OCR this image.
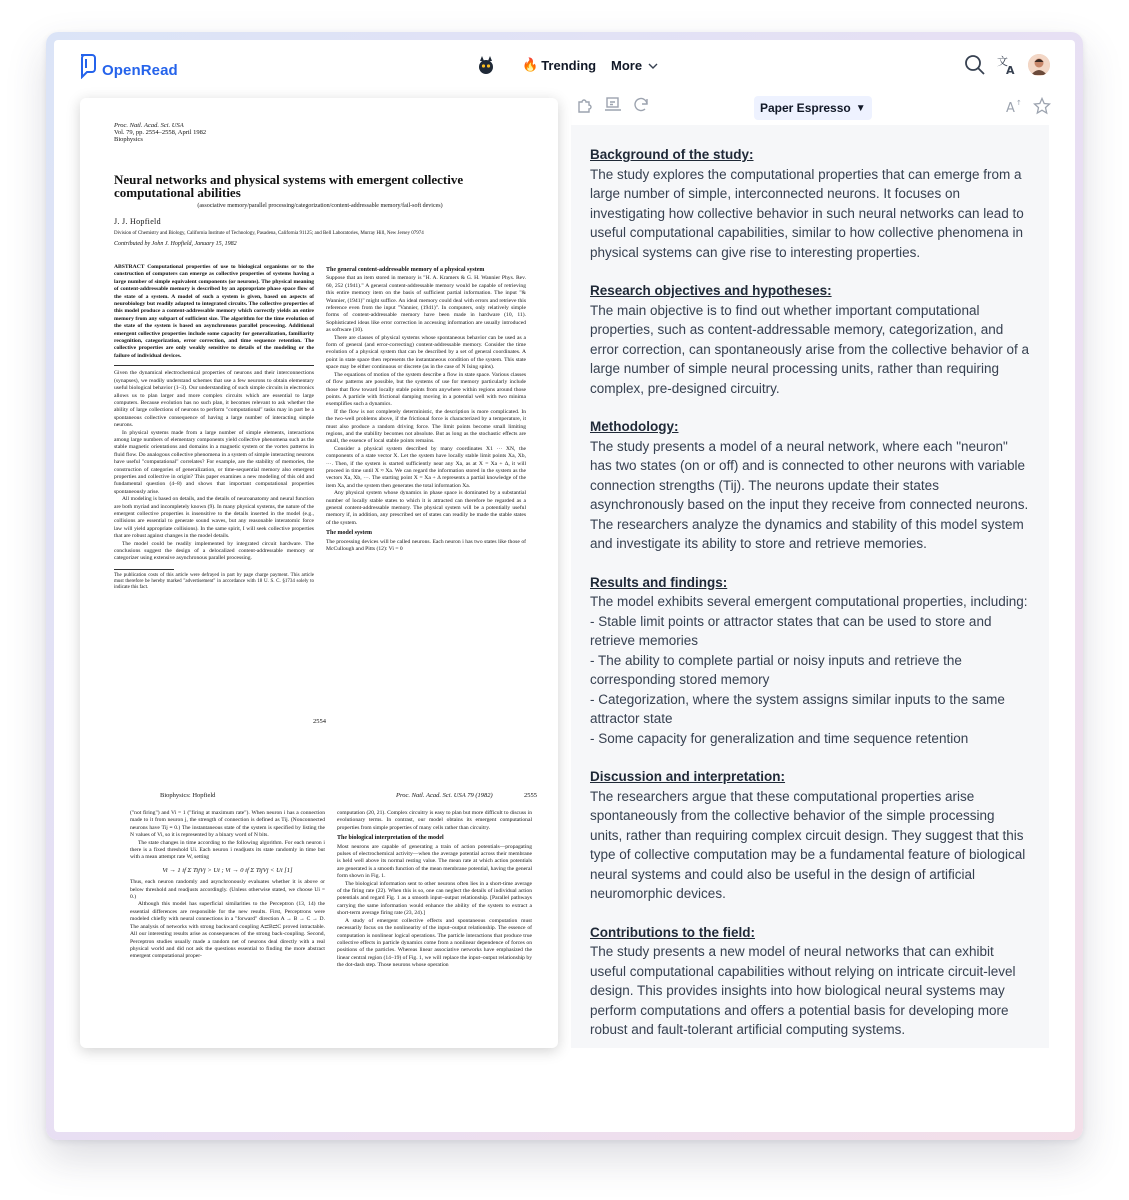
OpenRead	🔥 Trending More	文
A
Proc. Natl. Acad. Sci. USA
Vol. 79, pp. 2554–2558, April 1982
Biophysics
Neural networks and physical systems with emergent collective computational abilities
(associative memory/parallel processing/categorization/content-addressable memory/fail-soft devices)
J. J. Hopfield
Division of Chemistry and Biology, California Institute of Technology, Pasadena, California 91125; and Bell Laboratories, Murray Hill, New Jersey 07974
Contributed by John J. Hopfield, January 15, 1982

ABSTRACT Computational properties of use to biological organisms or to the construction of computers can emerge as collective properties of systems having a large number of simple equivalent components (or neurons). The physical meaning of content-addressable memory is described by an appropriate phase space flow of the state of a system. A model of such a system is given, based on aspects of neurobiology but readily adapted to integrated circuits. The collective properties of this model produce a content-addressable memory which correctly yields an entire memory from any subpart of sufficient size. The algorithm for the time evolution of the state of the system is based on asynchronous parallel processing. Additional emergent collective properties include some capacity for generalization, familiarity recognition, categorization, error correction, and time sequence retention. The collective properties are only weakly sensitive to details of the modeling or the failure of individual devices.

Given the dynamical electrochemical properties of neurons and their interconnections (synapses), we readily understand schemes that use a few neurons to obtain elementary useful biological behavior (1–3). Our understanding of such simple circuits in electronics allows us to plan larger and more complex circuits which are essential to large computers. Because evolution has no such plan, it becomes relevant to ask whether the ability of large collections of neurons to perform "computational" tasks may in part be a spontaneous collective consequence of having a large number of interacting simple neurons.

In physical systems made from a large number of simple elements, interactions among large numbers of elementary components yield collective phenomena such as the stable magnetic orientations and domains in a magnetic system or the vortex patterns in fluid flow. Do analogous collective phenomena in a system of simple interacting neurons have useful "computational" correlates? For example, are the stability of memories, the construction of categories of generalization, or time-sequential memory also emergent properties and collective in origin? This paper examines a new modeling of this old and fundamental question (4–8) and shows that important computational properties spontaneously arise.

All modeling is based on details, and the details of neuroanatomy and neural function are both myriad and incompletely known (9). In many physical systems, the nature of the emergent collective properties is insensitive to the details inserted in the model (e.g., collisions are essential to generate sound waves, but any reasonable interatomic force law will yield appropriate collisions). In the same spirit, I will seek collective properties that are robust against changes in the model details.

The model could be readily implemented by integrated circuit hardware. The conclusions suggest the design of a delocalized content-addressable memory or categorizer using extensive asynchronous parallel processing.

The publication costs of this article were defrayed in part by page charge payment. This article must therefore be hereby marked "advertisement" in accordance with 18 U. S. C. §1734 solely to indicate this fact.

The general content-addressable memory of a physical system

Suppose that an item stored in memory is "H. A. Kramers & G. H. Wannier Phys. Rev. 60, 252 (1941)." A general content-addressable memory would be capable of retrieving this entire memory item on the basis of sufficient partial information. The input "& Wannier, (1941)" might suffice. An ideal memory could deal with errors and retrieve this reference even from the input "Vannier, (1941)". In computers, only relatively simple forms of content-addressable memory have been made in hardware (10, 11). Sophisticated ideas like error correction in accessing information are usually introduced as software (10).

There are classes of physical systems whose spontaneous behavior can be used as a form of general (and error-correcting) content-addressable memory. Consider the time evolution of a physical system that can be described by a set of general coordinates. A point in state space then represents the instantaneous condition of the system. This state space may be either continuous or discrete (as in the case of N Ising spins).

The equations of motion of the system describe a flow in state space. Various classes of flow patterns are possible, but the systems of use for memory particularly include those that flow toward locally stable points from anywhere within regions around those points. A particle with frictional damping moving in a potential well with two minima exemplifies such a dynamics.

If the flow is not completely deterministic, the description is more complicated. In the two-well problems above, if the frictional force is characterized by a temperature, it must also produce a random driving force. The limit points become small limiting regions, and the stability becomes not absolute. But as long as the stochastic effects are small, the essence of local stable points remains.

Consider a physical system described by many coordinates X1 ··· XN, the components of a state vector X. Let the system have locally stable limit points Xa, Xb, ···. Then, if the system is started sufficiently near any Xa, as at X = Xa + Δ, it will proceed in time until X ≈ Xa. We can regard the information stored in the system as the vectors Xa, Xb, ···. The starting point X = Xa + Δ represents a partial knowledge of the item Xa, and the system then generates the total information Xa.

Any physical system whose dynamics in phase space is dominated by a substantial number of locally stable states to which it is attracted can therefore be regarded as a general content-addressable memory. The physical system will be a potentially useful memory if, in addition, any prescribed set of states can readily be made the stable states of the system.

The model system

The processing devices will be called neurons. Each neuron i has two states like those of McCullough and Pitts (12): Vi = 0

2554
Biophysics: Hopfield	Proc. Natl. Acad. Sci. USA 79 (1982)	2555

("not firing") and Vi = 1 ("firing at maximum rate"). When neuron i has a connection made to it from neuron j, the strength of connection is defined as Tij. (Nonconnected neurons have Tij ≡ 0.) The instantaneous state of the system is specified by listing the N values of Vi, so it is represented by a binary word of N bits.

The state changes in time according to the following algorithm. For each neuron i there is a fixed threshold Ui. Each neuron i readjusts its state randomly in time but with a mean attempt rate W, setting

Vi → 1 if Σ TijVj > Ui ; Vi → 0 if Σ TijVj < Ui [1]

Thus, each neuron randomly and asynchronously evaluates whether it is above or below threshold and readjusts accordingly. (Unless otherwise stated, we choose Ui = 0.)

Although this model has superficial similarities to the Perceptron (13, 14) the essential differences are responsible for the new results. First, Perceptrons were modeled chiefly with neural connections in a "forward" direction A → B → C → D. The analysis of networks with strong backward coupling A⇄B⇄C proved intractable. All our interesting results arise as consequences of the strong back-coupling. Second, Perceptron studies usually made a random net of neurons deal directly with a real physical world and did not ask the questions essential to finding the more abstract emergent computational proper-

computation (20, 21). Complex circuitry is easy to plan but more difficult to discuss in evolutionary terms. In contrast, our model obtains its emergent computational properties from simple properties of many cells rather than circuitry.

The biological interpretation of the model

Most neurons are capable of generating a train of action potentials—propagating pulses of electrochemical activity—when the average potential across their membrane is held well above its normal resting value. The mean rate at which action potentials are generated is a smooth function of the mean membrane potential, having the general form shown in Fig. 1.

The biological information sent to other neurons often lies in a short-time average of the firing rate (22). When this is so, one can neglect the details of individual action potentials and regard Fig. 1 as a smooth input–output relationship. [Parallel pathways carrying the same information would enhance the ability of the system to extract a short-term average firing rate (23, 24).]

A study of emergent collective effects and spontaneous computation must necessarily focus on the nonlinearity of the input–output relationship. The essence of computation is nonlinear logical operations. The particle interactions that produce true collective effects in particle dynamics come from a nonlinear dependence of forces on positions of the particles. Whereas linear associative networks have emphasized the linear central region (14–19) of Fig. 1, we will replace the input–output relationship by the dot-dash step. Those neurons whose operation

Paper Espresso ▼	A ↑
Background of the study:
The study explores the computational properties that can emerge from a large number of simple, interconnected neurons. It focuses on investigating how collective behavior in such neural networks can lead to useful computational capabilities, similar to how collective phenomena in physical systems can give rise to interesting properties.
Research objectives and hypotheses:
The main objective is to find out whether important computational properties, such as content-addressable memory, categorization, and error correction, can spontaneously arise from the collective behavior of a large number of simple neural processing units, rather than requiring complex, pre-designed circuitry.
Methodology:
The study presents a model of a neural network, where each "neuron" has two states (on or off) and is connected to other neurons with variable connection strengths (Tij). The neurons update their states asynchronously based on the input they receive from connected neurons. The researchers analyze the dynamics and stability of this model system and investigate its ability to store and retrieve memories.
Results and findings:
The model exhibits several emergent computational properties, including:
- Stable limit points or attractor states that can be used to store and retrieve memories
- The ability to complete partial or noisy inputs and retrieve the corresponding stored memory
- Categorization, where the system assigns similar inputs to the same attractor state
- Some capacity for generalization and time sequence retention
Discussion and interpretation:
The researchers argue that these computational properties arise spontaneously from the collective behavior of the simple processing units, rather than requiring complex circuit design. They suggest that this type of collective computation may be a fundamental feature of biological neural systems and could also be useful in the design of artificial neuromorphic devices.
Contributions to the field:
The study presents a new model of neural networks that can exhibit useful computational capabilities without relying on intricate circuit-level design. This provides insights into how biological neural systems may perform computations and offers a potential basis for developing more robust and fault-tolerant artificial computing systems.
